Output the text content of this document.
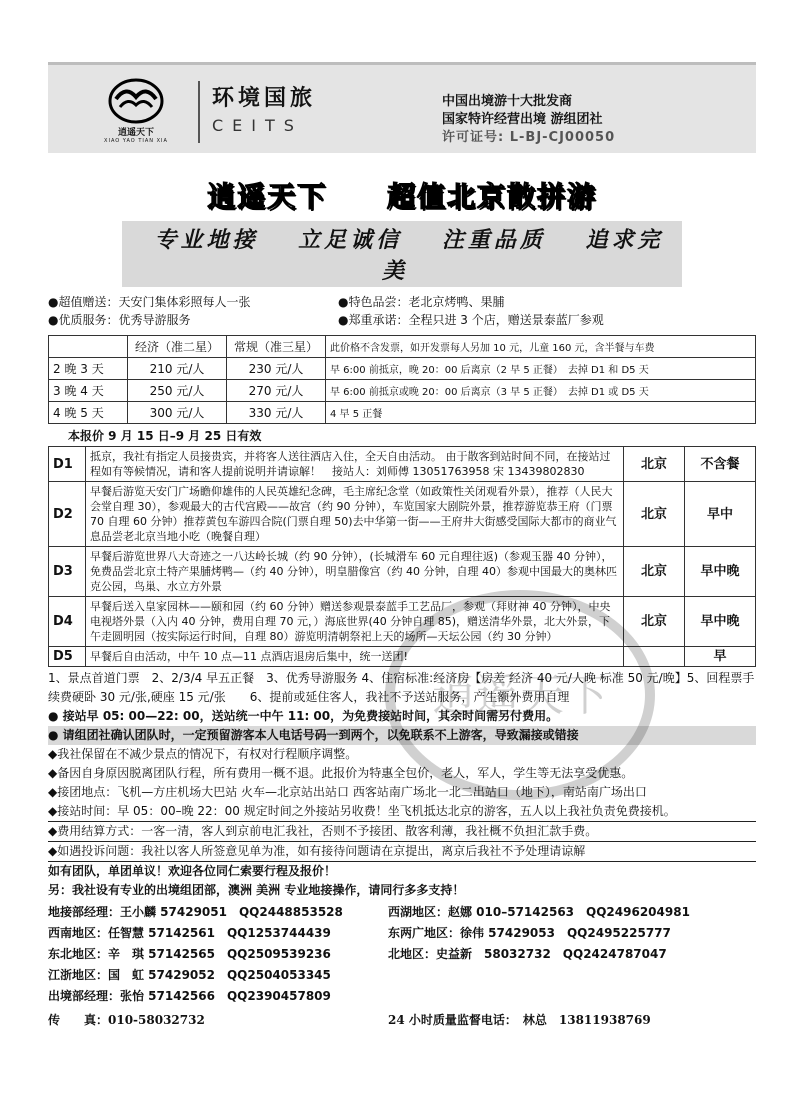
逍遥天下
XIAO YAO TIAN XIA
环境国旅
CEITS
中国出境游十大批发商
国家特许经营出境 游组团社
许可证号: L-BJ-CJ00050
逍遥天下 超值北京散拼游
专业地接 立足诚信 注重品质 追求完美
●超值赠送：天安门集体彩照每人一张	●特色品尝：老北京烤鸭、果脯
●优质服务：优秀导游服务	●郑重承诺：全程只进 3 个店，赠送景泰蓝厂参观
	经济（准二星）	常规（准三星）	此价格不含发票，如开发票每人另加 10 元，儿童 160 元，含半餐与车费
2 晚 3 天	210 元/人	230 元/人	早 6:00 前抵京，晚 20：00 后离京（2 早 5 正餐）　去掉 D1 和 D5 天
3 晚 4 天	250 元/人	270 元/人	早 6:00 前抵京或晚 20：00 后离京（3 早 5 正餐）　去掉 D1 或 D5 天
4 晚 5 天	300 元/人	330 元/人	4 早 5 正餐
本报价 9 月 15 日–9 月 25 日有效
D1	抵京，我社有指定人员接贵宾，并将客人送往酒店入住，全天自由活动。 由于散客到站时间不同，在接站过程如有等候情况，请和客人提前说明并请谅解！　接站人：刘师傅 13051763958 宋 13439802830	北京	不含餐
D2	早餐后游览天安门广场瞻仰雄伟的人民英雄纪念碑，毛主席纪念堂（如政策性关闭观看外景），推荐（人民大会堂自理 30），参观最大的古代宫殿——故宫（约 90 分钟），车览国家大剧院外景，推荐游览恭王府（门票 70 自理 60 分钟）推荐黄包车游四合院(门票自理 50)去中华第一街——王府井大街感受国际大都市的商业气息品尝老北京当地小吃（晚餐自理）	北京	早中
D3	早餐后游览世界八大奇迹之一八达岭长城（约 90 分钟），(长城滑车 60 元自理往返)（参观玉器 40 分钟），免费品尝北京土特产果脯烤鸭—（约 40 分钟），明皇腊像宫（约 40 分钟，自理 40）参观中国最大的奥林匹克公园，鸟巢、水立方外景	北京	早中晚
D4	早餐后送入皇家园林——颐和园（约 60 分钟）赠送参观景泰蓝手工艺品厂，参观（拜财神 40 分钟），中央电视塔外景（入内 40 分钟，费用自理 70 元，）海底世界(40 分钟自理 85)，赠送清华外景，北大外景，下午走圆明园（按实际运行时间，自理 80）游览明清朝祭祀上天的场所—天坛公园（约 30 分钟）	北京	早中晚
D5	早餐后自由活动，中午 10 点—11 点酒店退房后集中，统一送团!		早

1、景点首道门票　2、2/3/4 早五正餐　3、优秀导游服务 4、住宿标准:经济房【房差 经济 40 元/人晚 标准 50 元/晚】5、回程票手续费硬卧 30 元/张,硬座 15 元/张　　6、提前或延住客人，我社不予送站服务，产生额外费用自理

● 接站早 05: 00—22: 00，送站统一中午 11: 00，为免费接站时间，其余时间需另付费用。

● 请组团社确认团队时，一定预留游客本人电话号码一到两个，以免联系不上游客，导致漏接或错接

◆我社保留在不减少景点的情况下，有权对行程顺序调整。

◆备因自身原因脱离团队行程，所有费用一概不退。此报价为特惠全包价，老人，军人，学生等无法享受优惠。

◆接团地点：飞机—方庄机场大巴站 火车—北京站出站口 西客站南广场北一北二出站口（地下），南站南广场出口

◆接站时间：早 05：00–晚 22：00 规定时间之外接站另收费！坐飞机抵达北京的游客，五人以上我社负责免费接机。

◆费用结算方式：一客一清，客人到京前电汇我社，否则不予接团、散客利薄，我社概不负担汇款手费。

◆如遇投诉问题：我社以客人所签意见单为准，如有接待问题请在京提出，离京后我社不予处理请谅解

如有团队，单团单议！欢迎各位同仁索要行程及报价！

另：我社设有专业的出境组团部，澳洲 美洲 专业地接操作，请同行多多支持！

地接部经理：王小麟 57429051　QQ2448853528	西湖地区：赵娜 010–57142563　QQ2496204981
西南地区：任智慧 57142561　QQ1253744439	东两广地区：徐伟 57429053　QQ2495225777
东北地区：辛　琪 57142565　QQ2509539236	北地区：史益新　58032732　QQ2424787047
江浙地区：国　虹 57429052　QQ2504053345
出境部经理：张怡 57142566　QQ2390457809
传　　真：010-58032732	24 小时质量监督电话：　林总　13811938769
逍遥天下
